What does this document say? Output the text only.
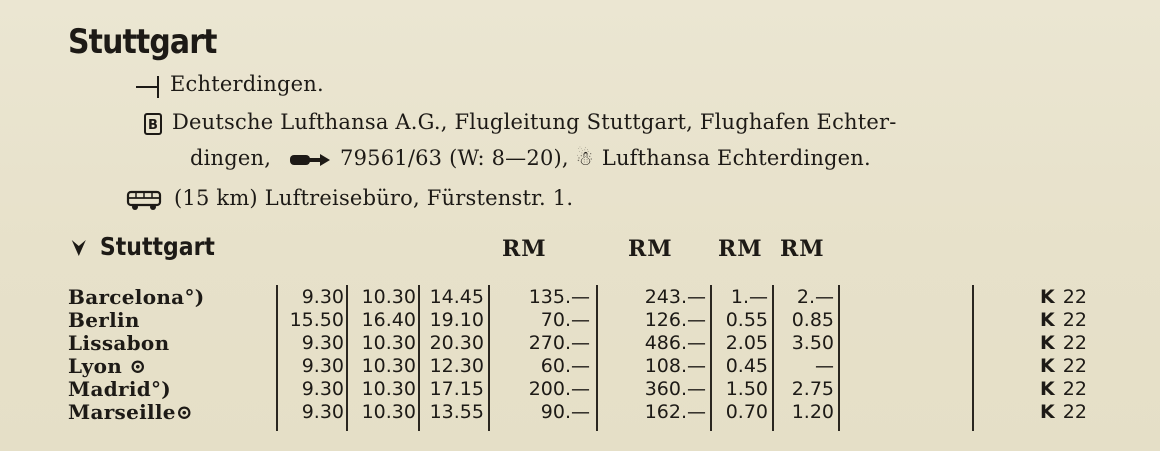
Stuttgart
Echterdingen.
B Deutsche Lufthansa A.G., Flugleitung Stuttgart, Flughafen Echter-
dingen,	79561/63 (W: 8—20), ☃ Lufthansa Echterdingen.
(15 km) Luftreisebüro, Fürstenstr. 1.
Stuttgart	RM	RM RM RM
Barcelona°)	9.30 10.30 14.45	135.—	243.—	1.—	2.—	K 22
Berlin	15.50 16.40 19.10	70.—	126.—	0.55	0.85	K 22
Lissabon	9.30 10.30 20.30	270.—	486.—	2.05	3.50	K 22
Lyon ⊙	9.30 10.30 12.30	60.—	108.—	0.45	—	K 22
Madrid°)	9.30 10.30 17.15	200.—	360.—	1.50	2.75	K 22
Marseille⊙	9.30 10.30 13.55	90.—	162.—	0.70	1.20	K 22
